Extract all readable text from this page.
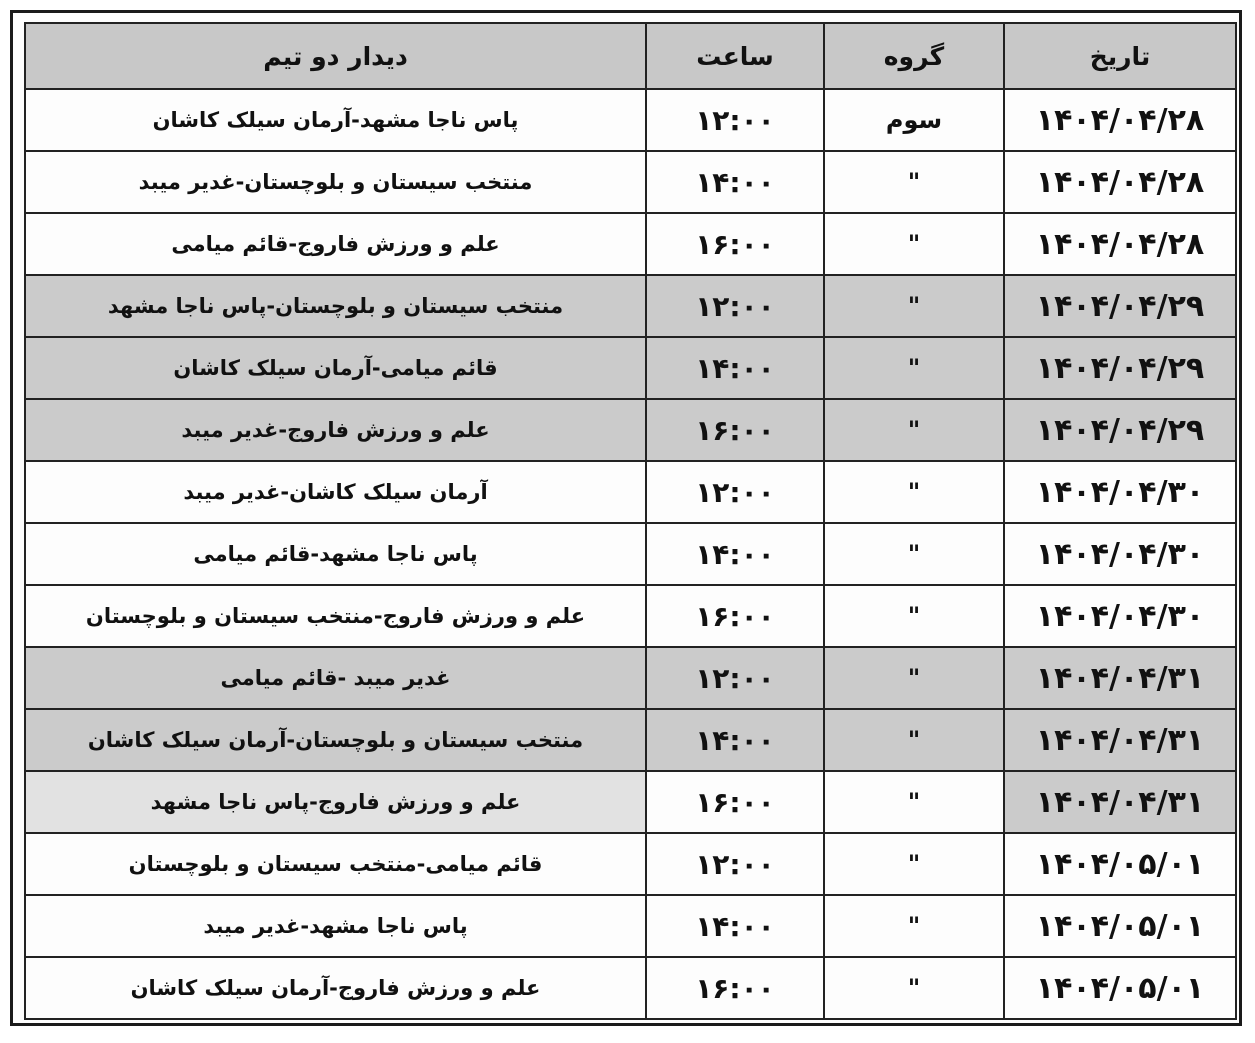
تاریخ	گروه	ساعت	دیدار دو تیم
۱۴۰۴/۰۴/۲۸	سوم	۱۲:۰۰	پاس ناجا مشهد-آرمان سیلک کاشان
۱۴۰۴/۰۴/۲۸	"	۱۴:۰۰	منتخب سیستان و بلوچستان-غدیر میبد
۱۴۰۴/۰۴/۲۸	"	۱۶:۰۰	علم و ورزش فاروج-قائم میامی
۱۴۰۴/۰۴/۲۹	"	۱۲:۰۰	منتخب سیستان و بلوچستان-پاس ناجا مشهد
۱۴۰۴/۰۴/۲۹	"	۱۴:۰۰	قائم میامی-آرمان سیلک کاشان
۱۴۰۴/۰۴/۲۹	"	۱۶:۰۰	علم و ورزش فاروج-غدیر میبد
۱۴۰۴/۰۴/۳۰	"	۱۲:۰۰	آرمان سیلک کاشان-غدیر میبد
۱۴۰۴/۰۴/۳۰	"	۱۴:۰۰	پاس ناجا مشهد-قائم میامی
۱۴۰۴/۰۴/۳۰	"	۱۶:۰۰	علم و ورزش فاروج-منتخب سیستان و بلوچستان
۱۴۰۴/۰۴/۳۱	"	۱۲:۰۰	غدیر میبد -قائم میامی
۱۴۰۴/۰۴/۳۱	"	۱۴:۰۰	منتخب سیستان و بلوچستان-آرمان سیلک کاشان
۱۴۰۴/۰۴/۳۱	"	۱۶:۰۰	علم و ورزش فاروج-پاس ناجا مشهد
۱۴۰۴/۰۵/۰۱	"	۱۲:۰۰	قائم میامی-منتخب سیستان و بلوچستان
۱۴۰۴/۰۵/۰۱	"	۱۴:۰۰	پاس ناجا مشهد-غدیر میبد
۱۴۰۴/۰۵/۰۱	"	۱۶:۰۰	علم و ورزش فاروج-آرمان سیلک کاشان
